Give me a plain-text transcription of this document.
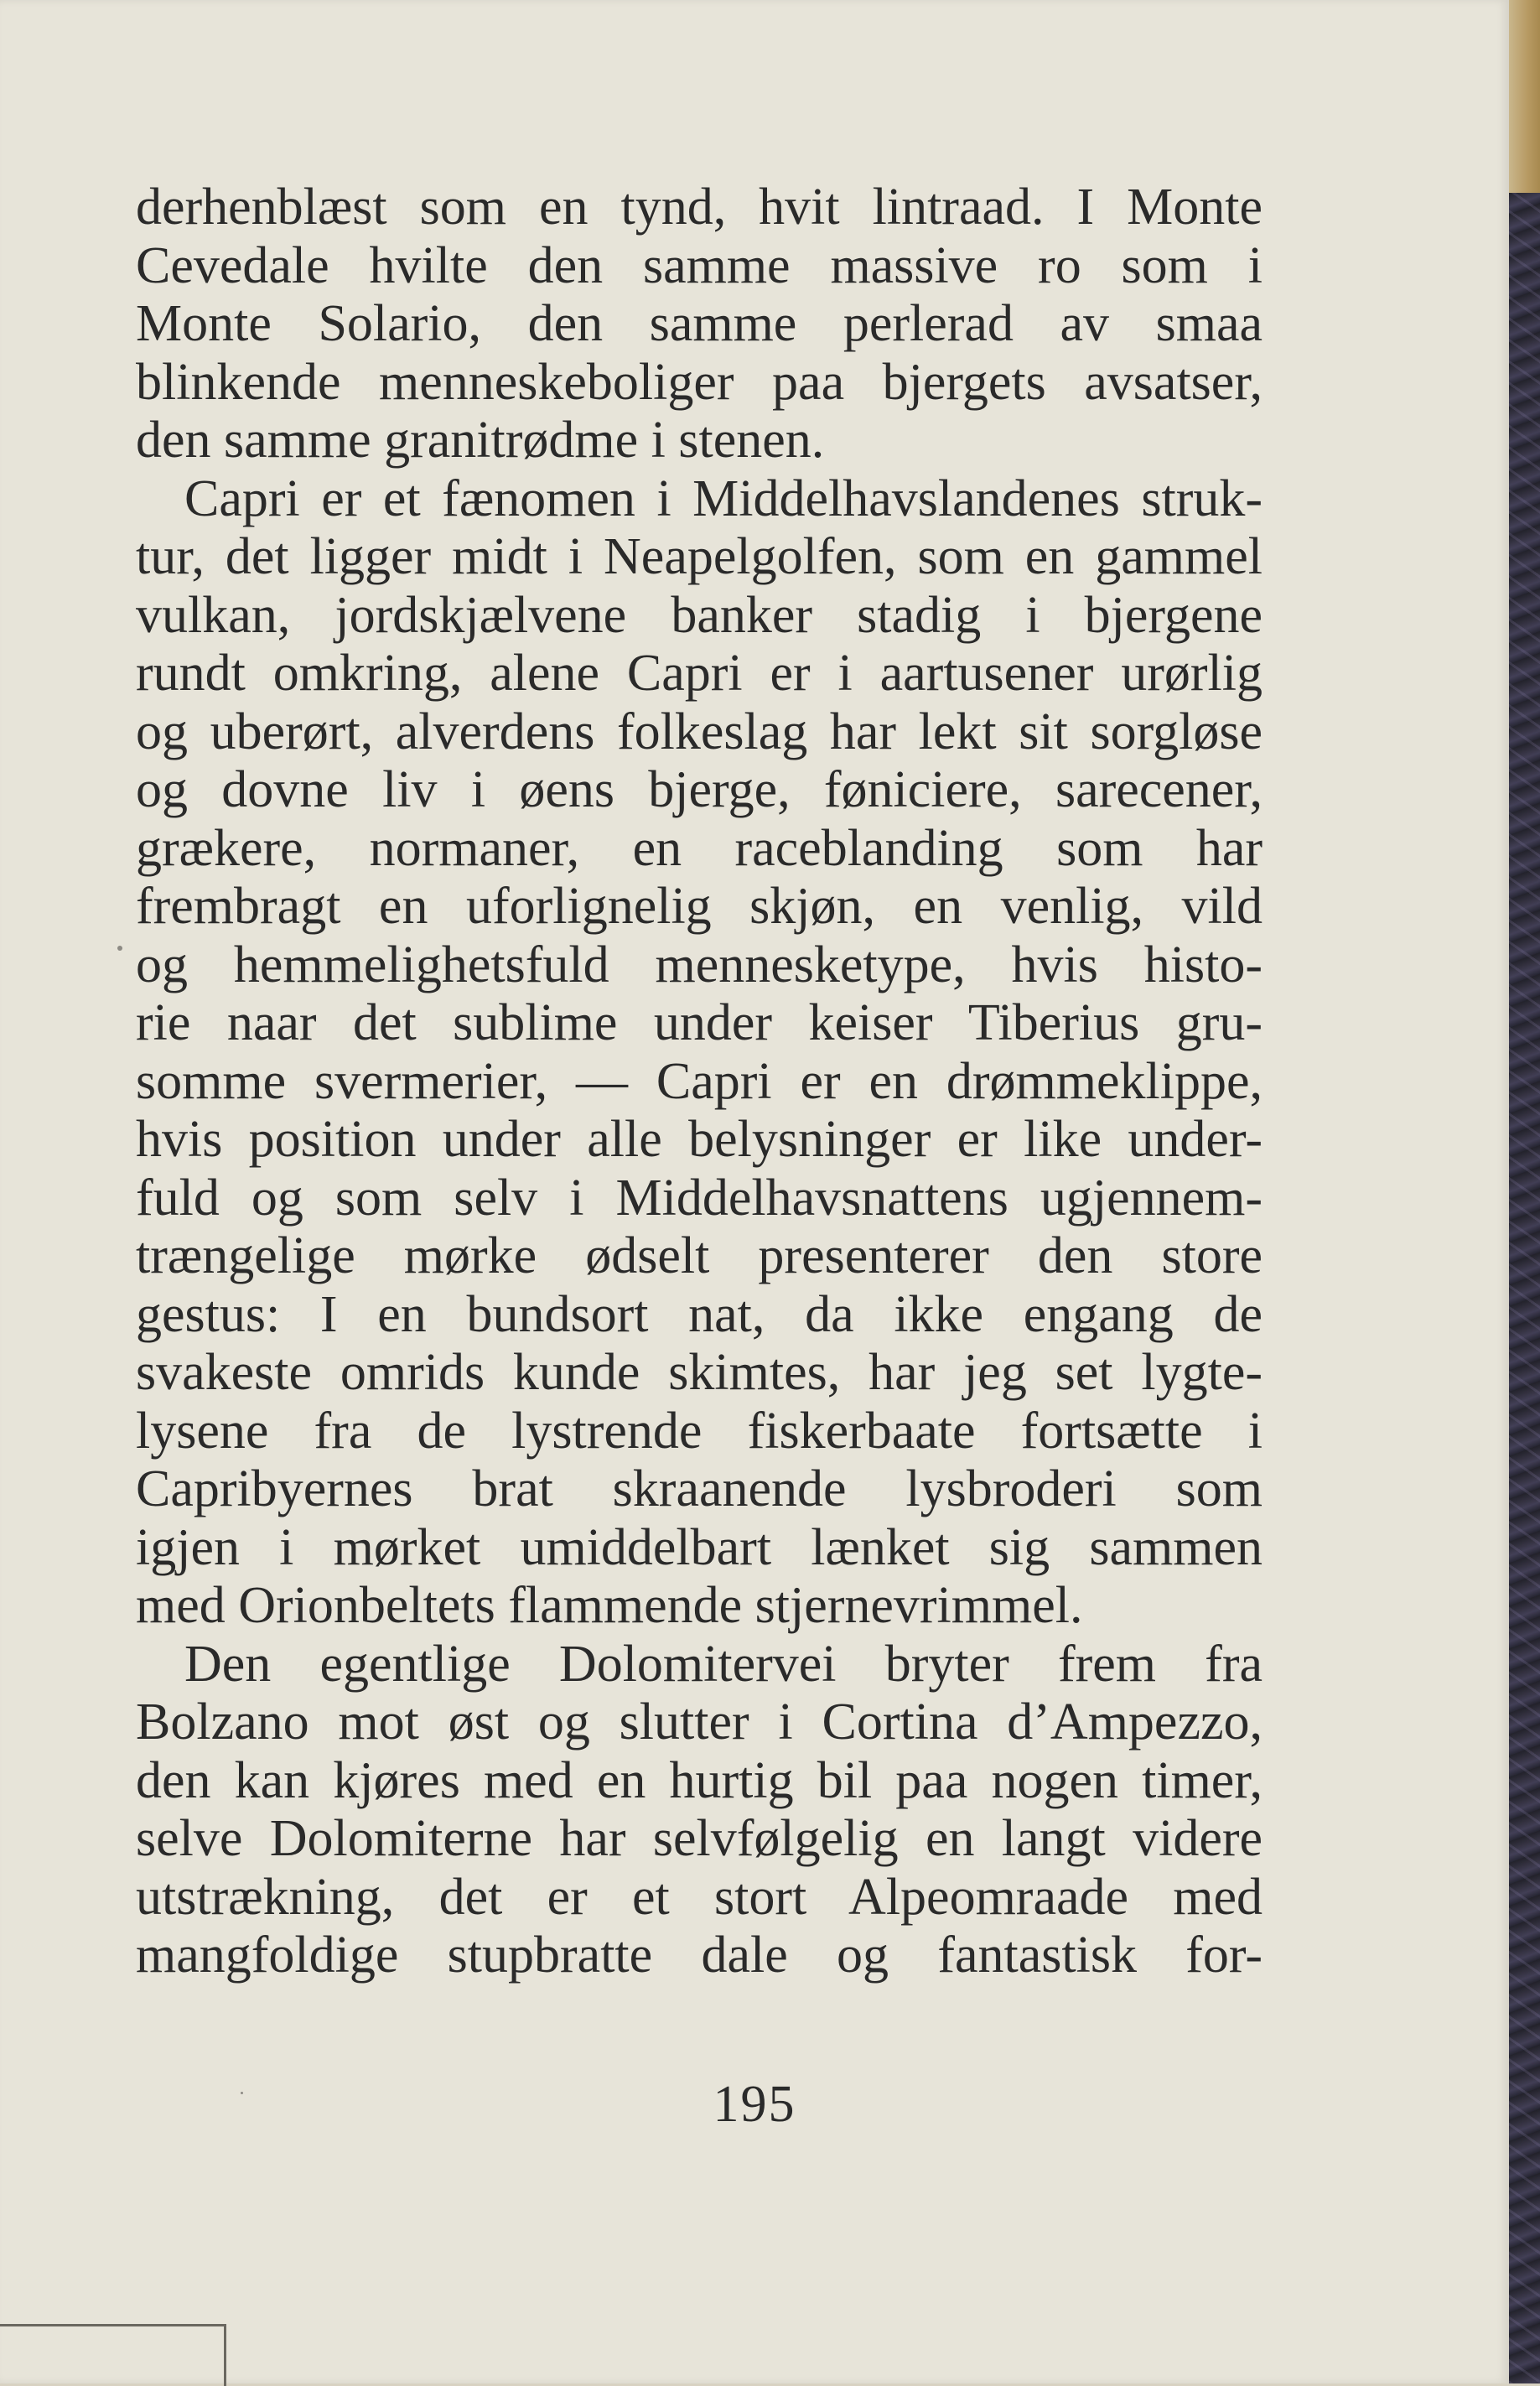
derhenblæst som en tynd, hvit lintraad. I Monte
Cevedale hvilte den samme massive ro som i
Monte Solario, den samme perlerad av smaa
blinkende menneskeboliger paa bjergets avsatser,
den samme granitrødme i stenen.
Capri er et fænomen i Middelhavslandenes struk-
tur, det ligger midt i Neapelgolfen, som en gammel
vulkan, jordskjælvene banker stadig i bjergene
rundt omkring, alene Capri er i aartusener urørlig
og uberørt, alverdens folkeslag har lekt sit sorgløse
og dovne liv i øens bjerge, føniciere, sarecener,
grækere, normaner, en raceblanding som har
frembragt en uforlignelig skjøn, en venlig, vild
og hemmelighetsfuld mennesketype, hvis histo-
rie naar det sublime under keiser Tiberius gru-
somme svermerier, — Capri er en drømmeklippe,
hvis position under alle belysninger er like under-
fuld og som selv i Middelhavsnattens ugjennem-
trængelige mørke ødselt presenterer den store
gestus: I en bundsort nat, da ikke engang de
svakeste omrids kunde skimtes, har jeg set lygte-
lysene fra de lystrende fiskerbaate fortsætte i
Capribyernes brat skraanende lysbroderi som
igjen i mørket umiddelbart lænket sig sammen
med Orionbeltets flammende stjernevrimmel.
Den egentlige Dolomitervei bryter frem fra
Bolzano mot øst og slutter i Cortina d’Ampezzo,
den kan kjøres med en hurtig bil paa nogen timer,
selve Dolomiterne har selvfølgelig en langt videre
utstrækning, det er et stort Alpeomraade med
mangfoldige stupbratte dale og fantastisk for-
195
